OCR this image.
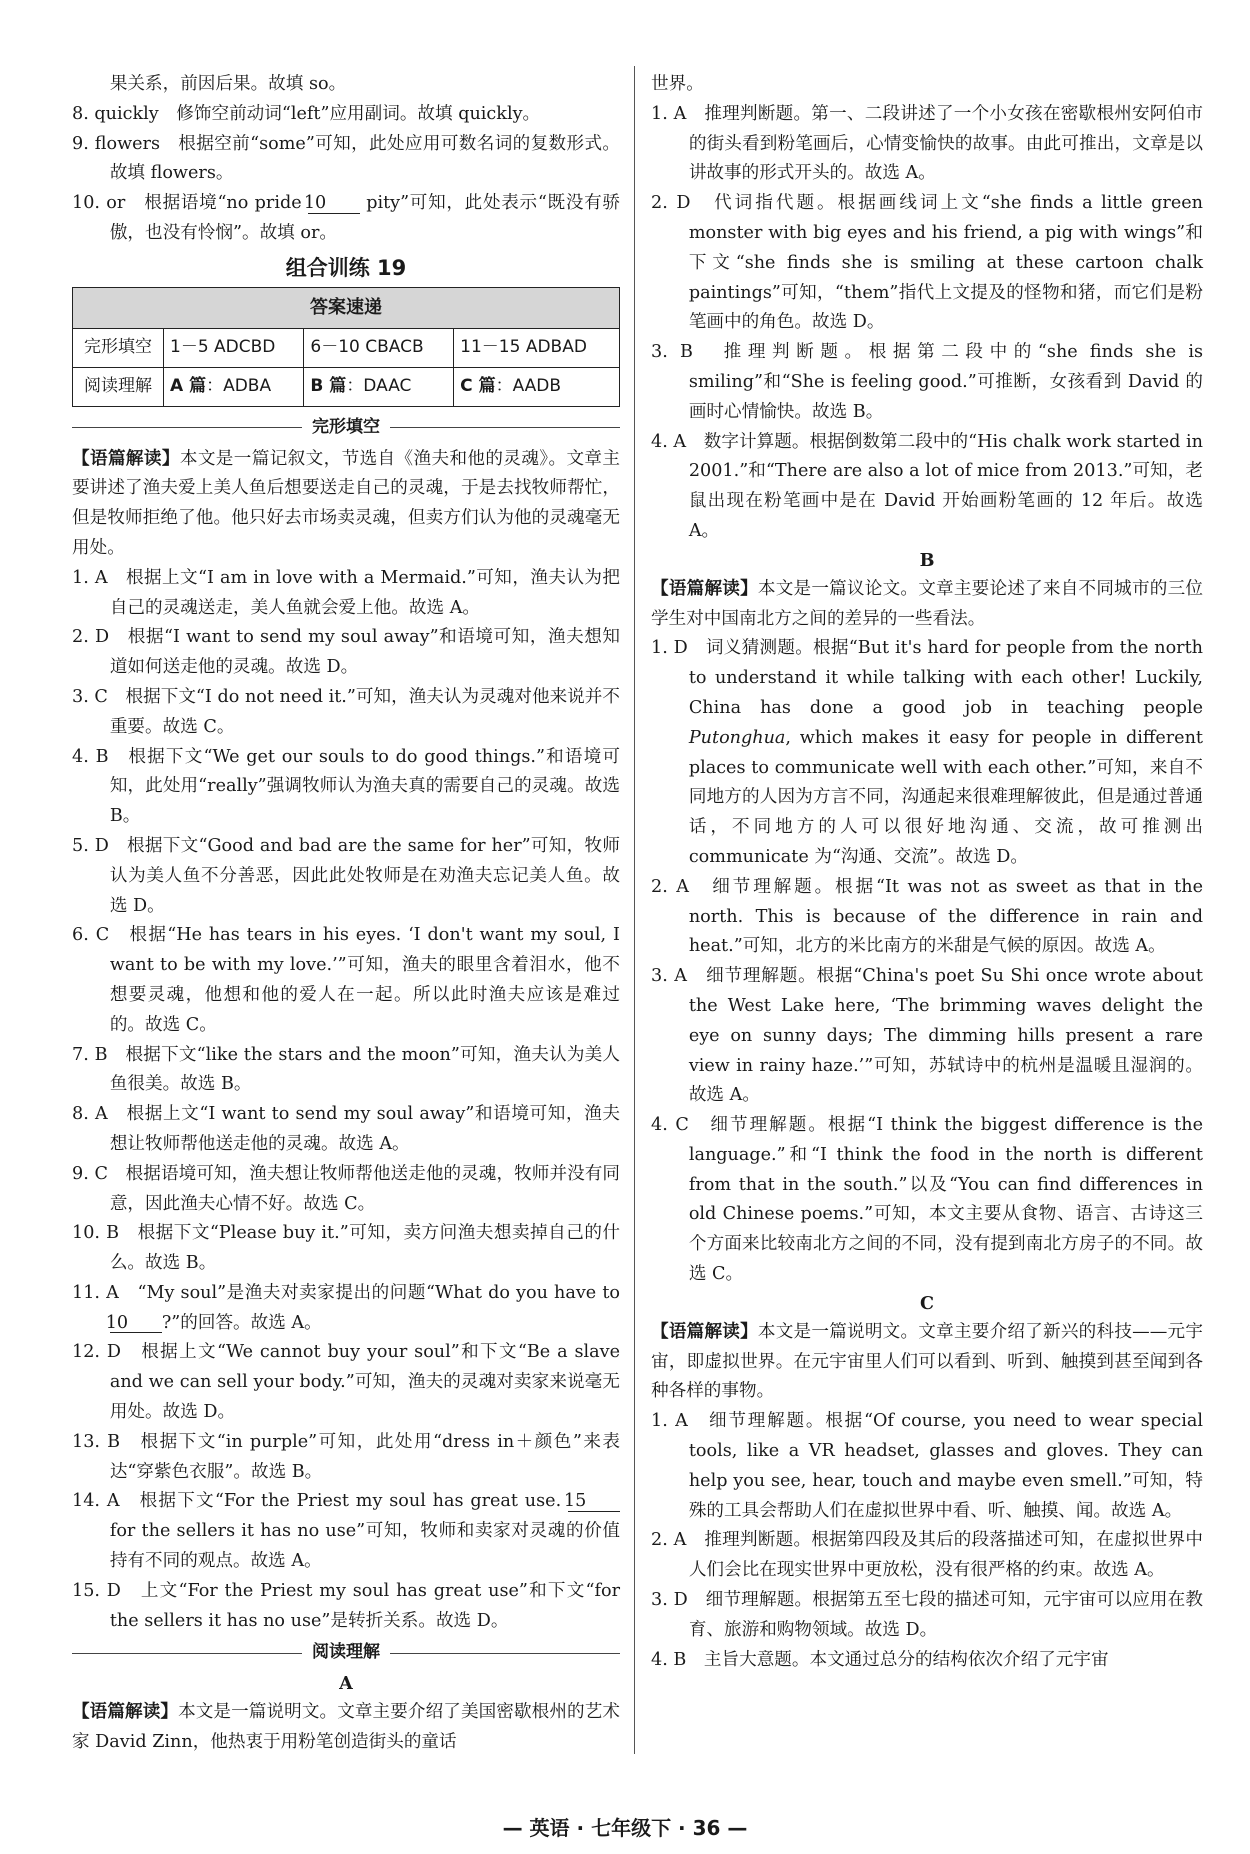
果关系，前因后果。故填 so。

8. quickly　修饰空前动词“left”应用副词。故填 quickly。

9. flowers　根据空前“some”可知，此处应用可数名词的复数形式。故填 flowers。

10. or　根据语境“no pride 10 pity”可知，此处表示“既没有骄傲，也没有怜悯”。故填 or。

组合训练 19
答案速递			
完形填空	1－5 ADCBD	6－10 CBACB	11－15 ADBAD
阅读理解	A 篇：ADBA	B 篇：DAAC	C 篇：AADB
完形填空

【语篇解读】本文是一篇记叙文，节选自《渔夫和他的灵魂》。文章主要讲述了渔夫爱上美人鱼后想要送走自己的灵魂，于是去找牧师帮忙，但是牧师拒绝了他。他只好去市场卖灵魂，但卖方们认为他的灵魂毫无用处。

1. A　根据上文“I am in love with a Mermaid.”可知，渔夫认为把自己的灵魂送走，美人鱼就会爱上他。故选 A。

2. D　根据“I want to send my soul away”和语境可知，渔夫想知道如何送走他的灵魂。故选 D。

3. C　根据下文“I do not need it.”可知，渔夫认为灵魂对他来说并不重要。故选 C。

4. B　根据下文“We get our souls to do good things.”和语境可知，此处用“really”强调牧师认为渔夫真的需要自己的灵魂。故选 B。

5. D　根据下文“Good and bad are the same for her”可知，牧师认为美人鱼不分善恶，因此此处牧师是在劝渔夫忘记美人鱼。故选 D。

6. C　根据“He has tears in his eyes. ‘I don't want my soul, I want to be with my love.’”可知，渔夫的眼里含着泪水，他不想要灵魂，他想和他的爱人在一起。所以此时渔夫应该是难过的。故选 C。

7. B　根据下文“like the stars and the moon”可知，渔夫认为美人鱼很美。故选 B。

8. A　根据上文“I want to send my soul away”和语境可知，渔夫想让牧师帮他送走他的灵魂。故选 A。

9. C　根据语境可知，渔夫想让牧师帮他送走他的灵魂，牧师并没有同意，因此渔夫心情不好。故选 C。

10. B　根据下文“Please buy it.”可知，卖方问渔夫想卖掉自己的什么。故选 B。

11. A　“My soul”是渔夫对卖家提出的问题“What do you have to 10 ?”的回答。故选 A。

12. D　根据上文“We cannot buy your soul”和下文“Be a slave and we can sell your body.”可知，渔夫的灵魂对卖家来说毫无用处。故选 D。

13. B　根据下文“in purple”可知，此处用“dress in＋颜色”来表达“穿紫色衣服”。故选 B。

14. A　根据下文“For the Priest my soul has great use. 15 for the sellers it has no use”可知，牧师和卖家对灵魂的价值持有不同的观点。故选 A。

15. D　上文“For the Priest my soul has great use”和下文“for the sellers it has no use”是转折关系。故选 D。

阅读理解
A

【语篇解读】本文是一篇说明文。文章主要介绍了美国密歇根州的艺术家 David Zinn，他热衷于用粉笔创造街头的童话

世界。

1. A　推理判断题。第一、二段讲述了一个小女孩在密歇根州安阿伯市的街头看到粉笔画后，心情变愉快的故事。由此可推出，文章是以讲故事的形式开头的。故选 A。

2. D　代词指代题。根据画线词上文“she finds a little green monster with big eyes and his friend, a pig with wings”和下文“she finds she is smiling at these cartoon chalk paintings”可知，“them”指代上文提及的怪物和猪，而它们是粉笔画中的角色。故选 D。

3. B　推理判断题。根据第二段中的“she finds she is smiling”和“She is feeling good.”可推断，女孩看到 David 的画时心情愉快。故选 B。

4. A　数字计算题。根据倒数第二段中的“His chalk work started in 2001.”和“There are also a lot of mice from 2013.”可知，老鼠出现在粉笔画中是在 David 开始画粉笔画的 12 年后。故选 A。

B

【语篇解读】本文是一篇议论文。文章主要论述了来自不同城市的三位学生对中国南北方之间的差异的一些看法。

1. D　词义猜测题。根据“But it's hard for people from the north to understand it while talking with each other! Luckily, China has done a good job in teaching people Putonghua, which makes it easy for people in different places to communicate well with each other.”可知，来自不同地方的人因为方言不同，沟通起来很难理解彼此，但是通过普通话，不同地方的人可以很好地沟通、交流，故可推测出 communicate 为“沟通、交流”。故选 D。

2. A　细节理解题。根据“It was not as sweet as that in the north. This is because of the difference in rain and heat.”可知，北方的米比南方的米甜是气候的原因。故选 A。

3. A　细节理解题。根据“China's poet Su Shi once wrote about the West Lake here, ‘The brimming waves delight the eye on sunny days; The dimming hills present a rare view in rainy haze.’”可知，苏轼诗中的杭州是温暖且湿润的。故选 A。

4. C　细节理解题。根据“I think the biggest difference is the language.”和“I think the food in the north is different from that in the south.”以及“You can find differences in old Chinese poems.”可知，本文主要从食物、语言、古诗这三个方面来比较南北方之间的不同，没有提到南北方房子的不同。故选 C。

C

【语篇解读】本文是一篇说明文。文章主要介绍了新兴的科技——元宇宙，即虚拟世界。在元宇宙里人们可以看到、听到、触摸到甚至闻到各种各样的事物。

1. A　细节理解题。根据“Of course, you need to wear special tools, like a VR headset, glasses and gloves. They can help you see, hear, touch and maybe even smell.”可知，特殊的工具会帮助人们在虚拟世界中看、听、触摸、闻。故选 A。

2. A　推理判断题。根据第四段及其后的段落描述可知，在虚拟世界中人们会比在现实世界中更放松，没有很严格的约束。故选 A。

3. D　细节理解题。根据第五至七段的描述可知，元宇宙可以应用在教育、旅游和购物领域。故选 D。

4. B　主旨大意题。本文通过总分的结构依次介绍了元宇宙

— 英语 · 七年级下 · 36 —
